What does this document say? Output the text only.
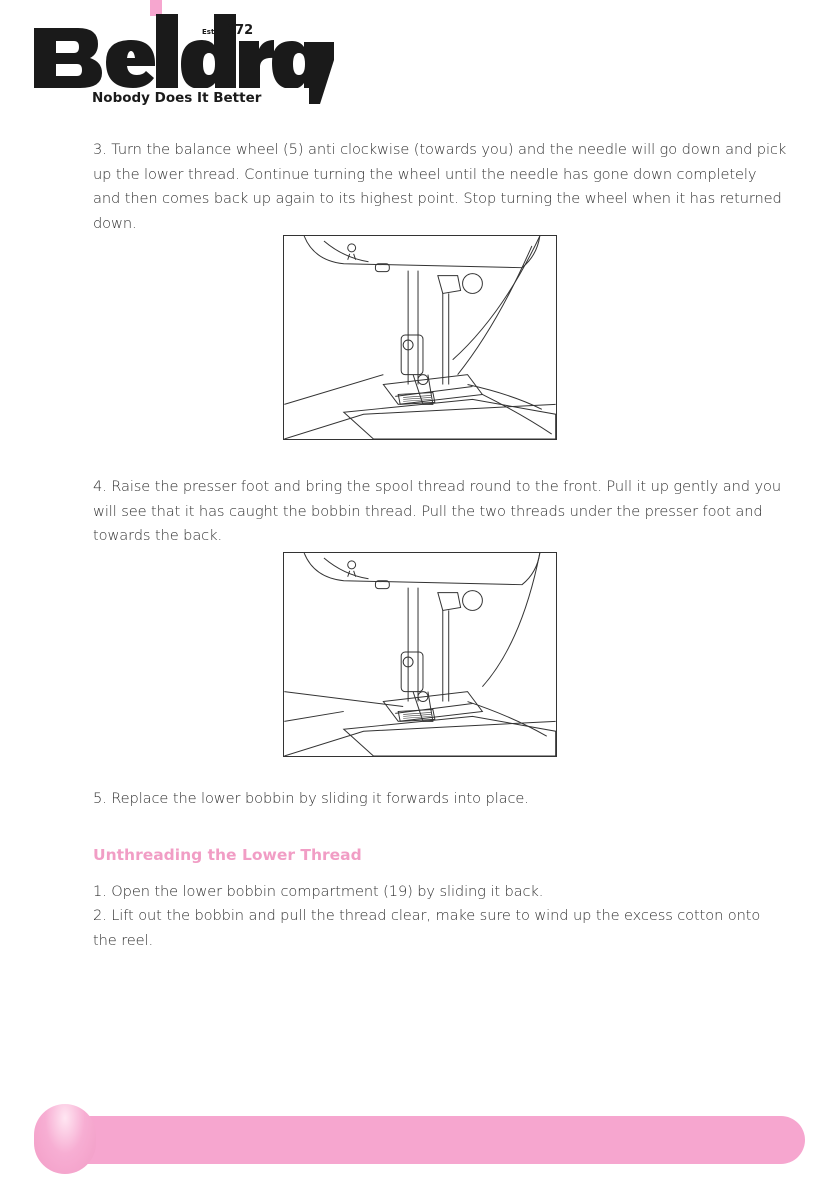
Est 1872
Nobody Does It Better

3. Turn the balance wheel (5) anti clockwise (towards you) and the needle will go down and pick up the lower thread. Continue turning the wheel until the needle has gone down completely and then comes back up again to its highest point. Stop turning the wheel when it has returned down.

4. Raise the presser foot and bring the spool thread round to the front. Pull it up gently and you will see that it has caught the bobbin thread. Pull the two threads under the presser foot and towards the back.

5. Replace the lower bobbin by sliding it forwards into place.

Unthreading the Lower Thread

1. Open the lower bobbin compartment (19) by sliding it back.

2. Lift out the bobbin and pull the thread clear, make sure to wind up the excess cotton onto the reel.
